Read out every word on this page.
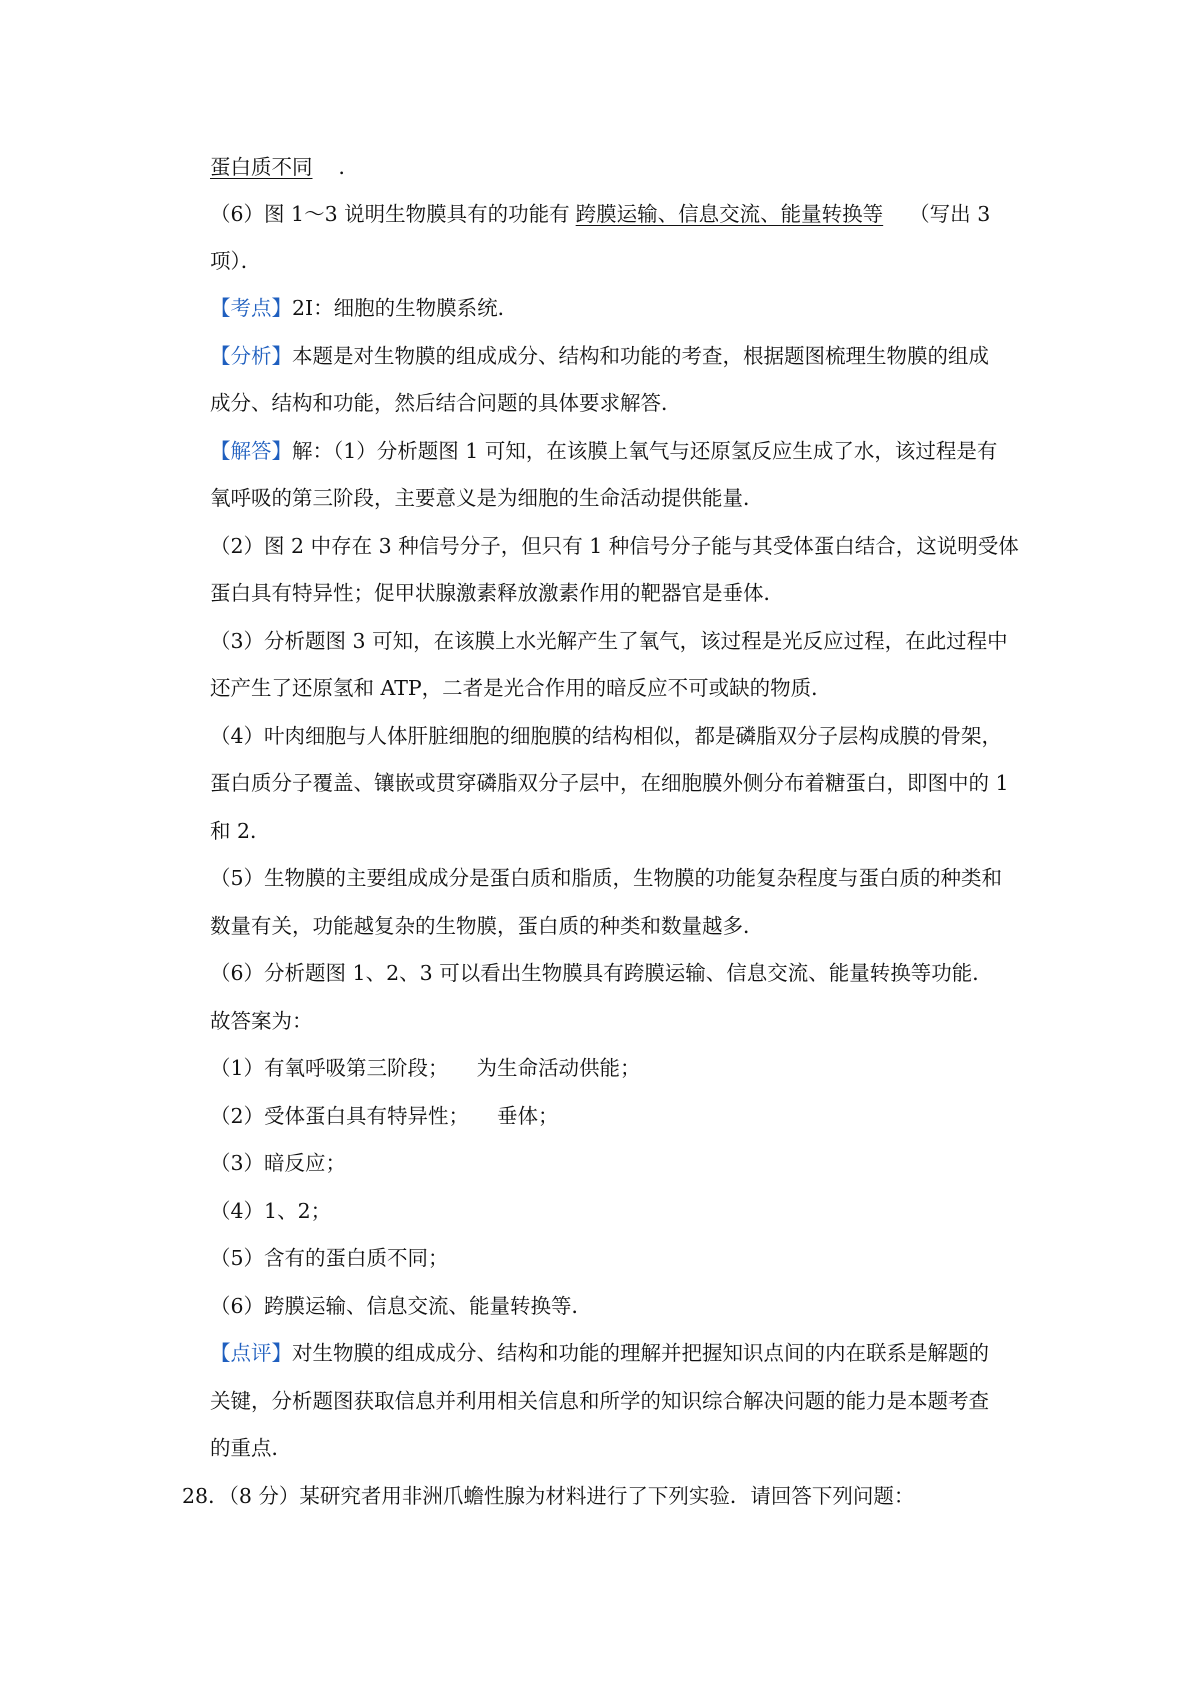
蛋白质不同 ．
（6）图 1～3 说明生物膜具有的功能有 跨膜运输、信息交流、能量转换等 （写出 3
项）．
【考点】2I：细胞的生物膜系统．
【分析】本题是对生物膜的组成成分、结构和功能的考查，根据题图梳理生物膜的组成
成分、结构和功能，然后结合问题的具体要求解答．
【解答】解：（1）分析题图 1 可知，在该膜上氧气与还原氢反应生成了水，该过程是有
氧呼吸的第三阶段，主要意义是为细胞的生命活动提供能量．
（2）图 2 中存在 3 种信号分子，但只有 1 种信号分子能与其受体蛋白结合，这说明受体
蛋白具有特异性；促甲状腺激素释放激素作用的靶器官是垂体．
（3）分析题图 3 可知，在该膜上水光解产生了氧气，该过程是光反应过程，在此过程中
还产生了还原氢和 ATP，二者是光合作用的暗反应不可或缺的物质．
（4）叶肉细胞与人体肝脏细胞的细胞膜的结构相似，都是磷脂双分子层构成膜的骨架，
蛋白质分子覆盖、镶嵌或贯穿磷脂双分子层中，在细胞膜外侧分布着糖蛋白，即图中的 1
和 2．
（5）生物膜的主要组成成分是蛋白质和脂质，生物膜的功能复杂程度与蛋白质的种类和
数量有关，功能越复杂的生物膜，蛋白质的种类和数量越多．
（6）分析题图 1、2、3 可以看出生物膜具有跨膜运输、信息交流、能量转换等功能．
故答案为：
（1）有氧呼吸第三阶段； 为生命活动供能；
（2）受体蛋白具有特异性； 垂体；
（3）暗反应；
（4）1、2；
（5）含有的蛋白质不同；
（6）跨膜运输、信息交流、能量转换等．
【点评】对生物膜的组成成分、结构和功能的理解并把握知识点间的内在联系是解题的
关键，分析题图获取信息并利用相关信息和所学的知识综合解决问题的能力是本题考查
的重点．
28．（8 分）某研究者用非洲爪蟾性腺为材料进行了下列实验．请回答下列问题：
